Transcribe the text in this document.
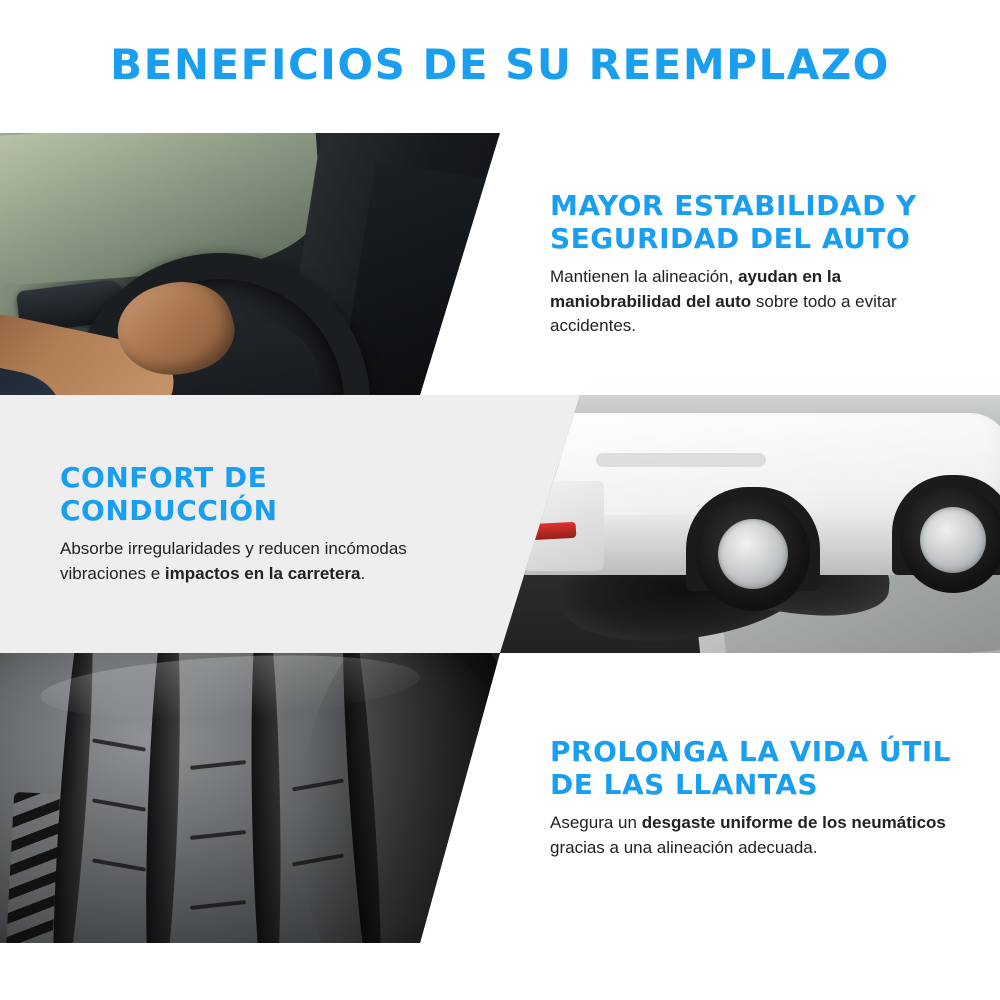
BENEFICIOS DE SU REEMPLAZO
MAYOR ESTABILIDAD Y SEGURIDAD DEL AUTO
Mantienen la alineación, ayudan en la maniobrabilidad del auto sobre todo a evitar accidentes.
CONFORT DE CONDUCCIÓN
Absorbe irregularidades y reducen incómodas vibraciones e impactos en la carretera.
PROLONGA LA VIDA ÚTIL DE LAS LLANTAS
Asegura un desgaste uniforme de los neumáticos gracias a una alineación adecuada.
